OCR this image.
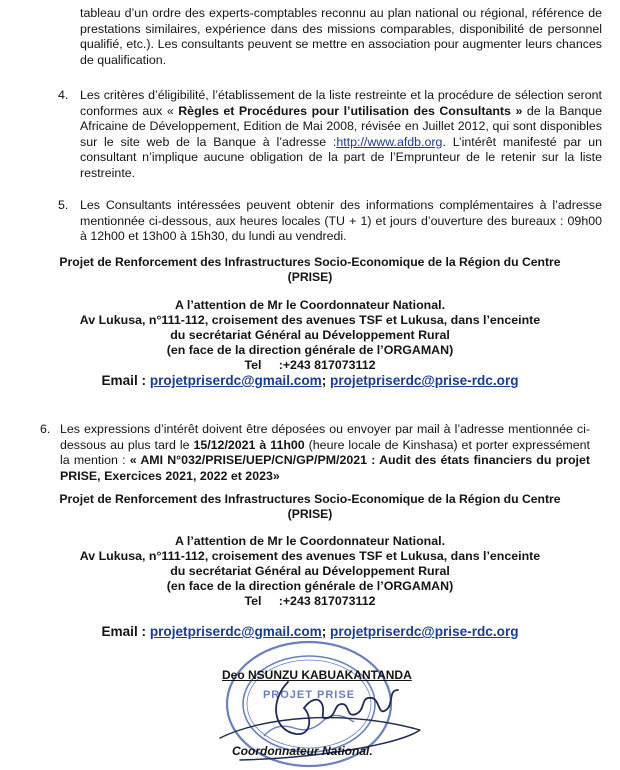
tableau d’un ordre des experts-comptables reconnu au plan national ou régional, référence de prestations similaires, expérience dans des missions comparables, disponibilité de personnel qualifié, etc.). Les consultants peuvent se mettre en association pour augmenter leurs chances de qualification.
4. Les critères d’éligibilité, l’établissement de la liste restreinte et la procédure de sélection seront conformes aux « Règles et Procédures pour l’utilisation des Consultants » de la Banque Africaine de Développement, Edition de Mai 2008, révisée en Juillet 2012, qui sont disponibles sur le site web de la Banque à l’adresse :http://www.afdb.org. L’intérêt manifesté par un consultant n’implique aucune obligation de la part de l’Emprunteur de le retenir sur la liste restreinte.
5. Les Consultants intéressées peuvent obtenir des informations complémentaires à l’adresse mentionnée ci-dessous, aux heures locales (TU + 1) et jours d’ouverture des bureaux : 09h00 à 12h00 et 13h00 à 15h30, du lundi au vendredi.
Projet de Renforcement des Infrastructures Socio-Economique de la Région du Centre
(PRISE)
A l’attention de Mr le Coordonnateur National.
Av Lukusa, n°111-112, croisement des avenues TSF et Lukusa, dans l’enceinte
du secrétariat Général au Développement Rural
(en face de la direction générale de l’ORGAMAN)
Tel :+243 817073112
Email : projetpriserdc@gmail.com; projetpriserdc@prise-rdc.org
6. Les expressions d’intérêt doivent être déposées ou envoyer par mail à l’adresse mentionnée ci-dessous au plus tard le 15/12/2021 à 11h00 (heure locale de Kinshasa) et porter expressément la mention : « AMI N°032/PRISE/UEP/CN/GP/PM/2021 : Audit des états financiers du projet PRISE, Exercices 2021, 2022 et 2023»
Projet de Renforcement des Infrastructures Socio-Economique de la Région du Centre
(PRISE)
A l’attention de Mr le Coordonnateur National.
Av Lukusa, n°111-112, croisement des avenues TSF et Lukusa, dans l’enceinte
du secrétariat Général au Développement Rural
(en face de la direction générale de l’ORGAMAN)
Tel :+243 817073112
Email : projetpriserdc@gmail.com; projetpriserdc@prise-rdc.org
PROJET PRISE
Deo NSUNZU KABUAKANTANDA
Coordonnateur National.
